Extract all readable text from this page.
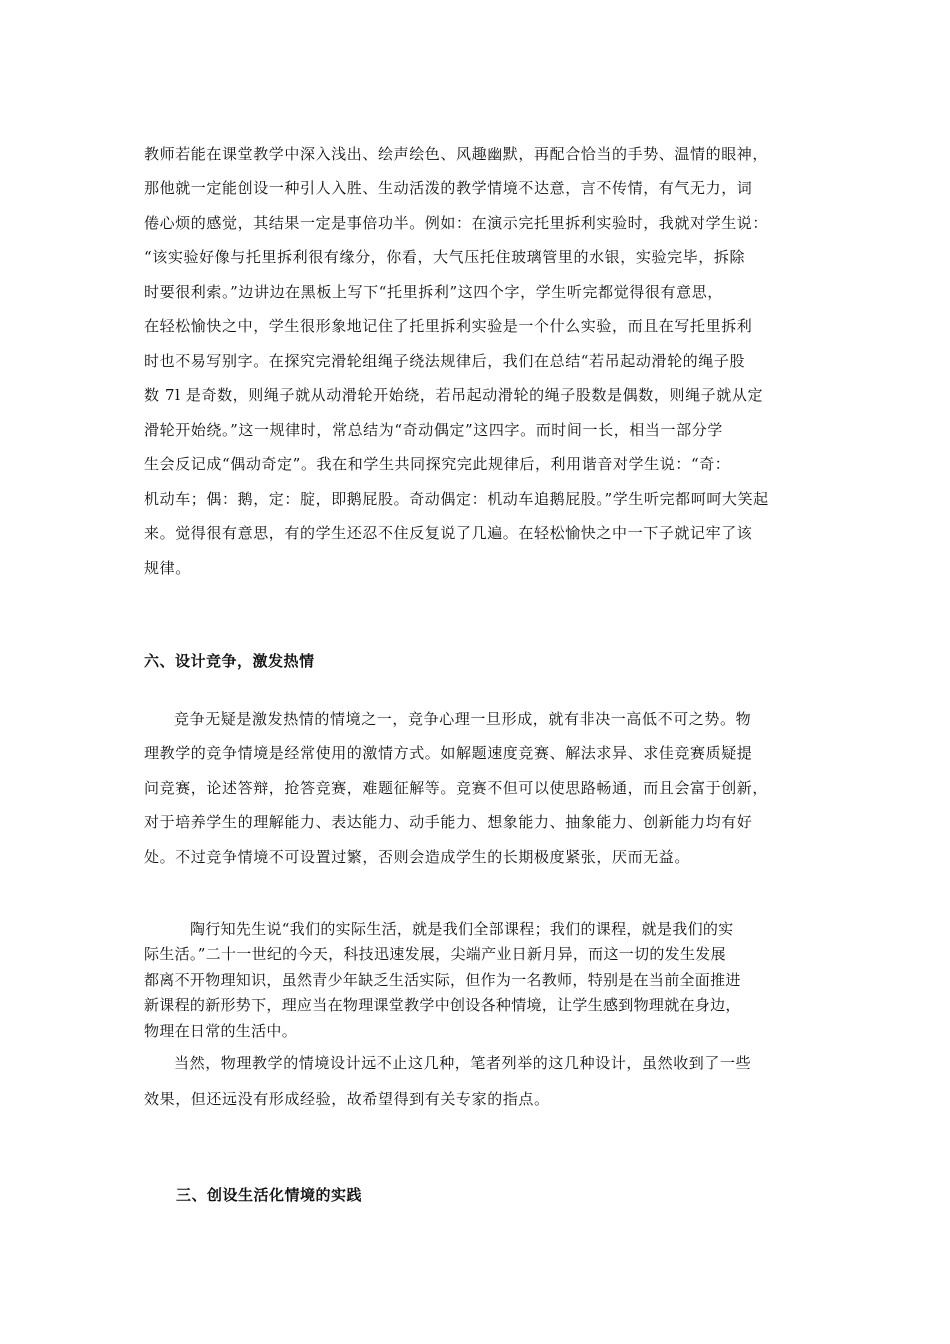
教师若能在课堂教学中深入浅出、绘声绘色、风趣幽默，再配合恰当的手势、温情的眼神，
那他就一定能创设一种引人入胜、生动活泼的教学情境不达意，言不传情，有气无力，词
倦心烦的感觉，其结果一定是事倍功半。例如：在演示完托里拆利实验时，我就对学生说：
“该实验好像与托里拆利很有缘分，你看，大气压托住玻璃管里的水银，实验完毕，拆除
时要很利索。”边讲边在黑板上写下“托里拆利”这四个字，学生听完都觉得很有意思，
在轻松愉快之中，学生很形象地记住了托里拆利实验是一个什么实验，而且在写托里拆利
时也不易写别字。在探究完滑轮组绳子绕法规律后，我们在总结“若吊起动滑轮的绳子股
数 7l 是奇数，则绳子就从动滑轮开始绕，若吊起动滑轮的绳子股数是偶数，则绳子就从定
滑轮开始绕。”这一规律时，常总结为“奇动偶定”这四字。而时间一长，相当一部分学
生会反记成“偶动奇定”。我在和学生共同探究完此规律后，利用谐音对学生说：“奇：
机动车；偶：鹅，定：腚，即鹅屁股。奇动偶定：机动车追鹅屁股。”学生听完都呵呵大笑起
来。觉得很有意思，有的学生还忍不住反复说了几遍。在轻松愉快之中一下子就记牢了该
规律。
六、设计竞争，激发热情
竞争无疑是激发热情的情境之一，竞争心理一旦形成，就有非决一高低不可之势。物
理教学的竞争情境是经常使用的激情方式。如解题速度竞赛、解法求异、求佳竞赛质疑提
问竞赛，论述答辩，抢答竞赛，难题征解等。竞赛不但可以使思路畅通，而且会富于创新，
对于培养学生的理解能力、表达能力、动手能力、想象能力、抽象能力、创新能力均有好
处。不过竞争情境不可设置过繁，否则会造成学生的长期极度紧张，厌而无益。
陶行知先生说“我们的实际生活，就是我们全部课程；我们的课程，就是我们的实
际生活。”二十一世纪的今天，科技迅速发展，尖端产业日新月异，而这一切的发生发展
都离不开物理知识，虽然青少年缺乏生活实际，但作为一名教师，特别是在当前全面推进
新课程的新形势下，理应当在物理课堂教学中创设各种情境，让学生感到物理就在身边，
物理在日常的生活中。
当然，物理教学的情境设计远不止这几种，笔者列举的这几种设计，虽然收到了一些
效果，但还远没有形成经验，故希望得到有关专家的指点。
三、创设生活化情境的实践
